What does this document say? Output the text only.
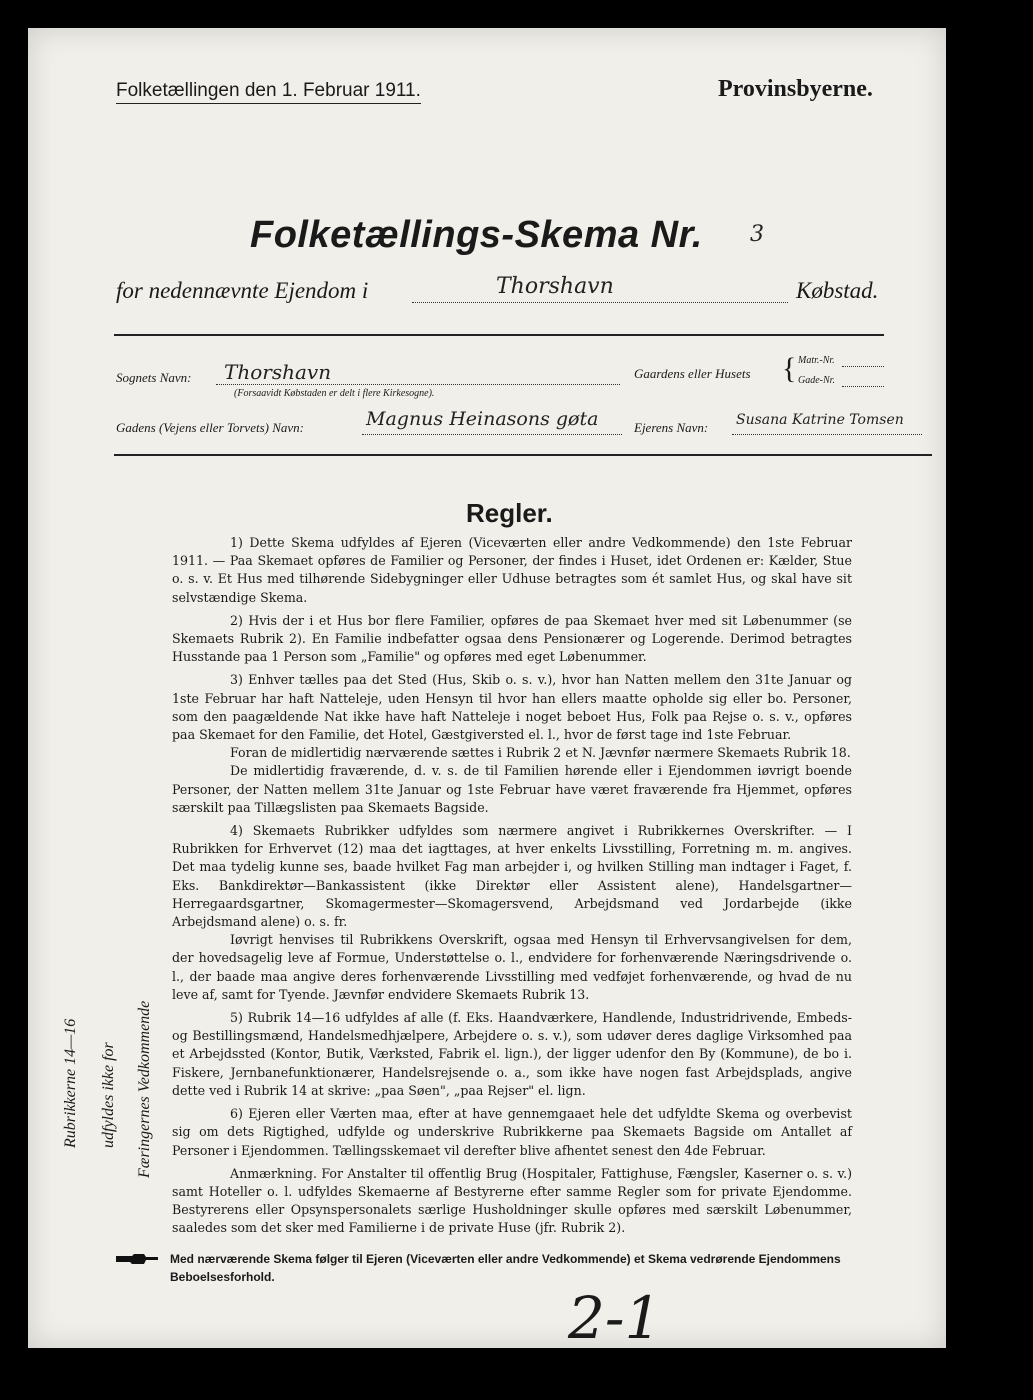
Folketællingen den 1. Februar 1911.	Provinsbyerne.
Folketællings-Skema Nr. 3
for nedennævnte Ejendom i	Thorshavn	Købstad.
Sognets Navn: Thorshavn
(Forsaavidt Købstaden er delt i flere Kirkesogne).
Gaardens eller Husets { Matr.-Nr.
Gade-Nr.
Gadens (Vejens eller Torvets) Navn:	Magnus Heinasons gøta	Ejerens Navn: Susana Katrine Tomsen
Regler.

1) Dette Skema udfyldes af Ejeren (Viceværten eller andre Vedkommende) den 1ste Februar 1911. — Paa Skemaet opføres de Familier og Personer, der findes i Huset, idet Ordenen er: Kælder, Stue o. s. v. Et Hus med tilhørende Sidebygninger eller Udhuse betragtes som ét samlet Hus, og skal have sit selvstændige Skema.

2) Hvis der i et Hus bor flere Familier, opføres de paa Skemaet hver med sit Løbenummer (se Skemaets Rubrik 2). En Familie indbefatter ogsaa dens Pensionærer og Logerende. Derimod betragtes Husstande paa 1 Person som „Familie" og opføres med eget Løbenummer.

3) Enhver tælles paa det Sted (Hus, Skib o. s. v.), hvor han Natten mellem den 31te Januar og 1ste Februar har haft Natteleje, uden Hensyn til hvor han ellers maatte opholde sig eller bo. Personer, som den paagældende Nat ikke have haft Natteleje i noget beboet Hus, Folk paa Rejse o. s. v., opføres paa Skemaet for den Familie, det Hotel, Gæstgiversted el. l., hvor de først tage ind 1ste Februar.

Foran de midlertidig nærværende sættes i Rubrik 2 et N. Jævnfør nærmere Skemaets Rubrik 18.

De midlertidig fraværende, d. v. s. de til Familien hørende eller i Ejendommen iøvrigt boende Personer, der Natten mellem 31te Januar og 1ste Februar have været fraværende fra Hjemmet, opføres særskilt paa Tillægslisten paa Skemaets Bagside.

4) Skemaets Rubrikker udfyldes som nærmere angivet i Rubrikkernes Overskrifter. — I Rubrikken for Erhvervet (12) maa det iagttages, at hver enkelts Livsstilling, Forretning m. m. angives. Det maa tydelig kunne ses, baade hvilket Fag man arbejder i, og hvilken Stilling man indtager i Faget, f. Eks. Bankdirektør—Bankassistent (ikke Direktør eller Assistent alene), Handelsgartner—Herregaardsgartner, Skomagermester—Skomagersvend, Arbejdsmand ved Jordarbejde (ikke Arbejdsmand alene) o. s. fr.

Iøvrigt henvises til Rubrikkens Overskrift, ogsaa med Hensyn til Erhvervsangivelsen for dem, der hovedsagelig leve af Formue, Understøttelse o. l., endvidere for forhenværende Næringsdrivende o. l., der baade maa angive deres forhenværende Livsstilling med vedføjet forhenværende, og hvad de nu leve af, samt for Tyende. Jævnfør endvidere Skemaets Rubrik 13.

5) Rubrik 14—16 udfyldes af alle (f. Eks. Haandværkere, Handlende, Industridrivende, Embeds- og Bestillingsmænd, Handelsmedhjælpere, Arbejdere o. s. v.), som udøver deres daglige Virksomhed paa et Arbejdssted (Kontor, Butik, Værksted, Fabrik el. lign.), der ligger udenfor den By (Kommune), de bo i. Fiskere, Jernbanefunktionærer, Handelsrejsende o. a., som ikke have nogen fast Arbejdsplads, angive dette ved i Rubrik 14 at skrive: „paa Søen", „paa Rejser" el. lign.

6) Ejeren eller Værten maa, efter at have gennemgaaet hele det udfyldte Skema og overbevist sig om dets Rigtighed, udfylde og underskrive Rubrikkerne paa Skemaets Bagside om Antallet af Personer i Ejendommen. Tællingsskemaet vil derefter blive afhentet senest den 4de Februar.

Anmærkning. For Anstalter til offentlig Brug (Hospitaler, Fattighuse, Fængsler, Kaserner o. s. v.) samt Hoteller o. l. udfyldes Skemaerne af Bestyrerne efter samme Regler som for private Ejendomme. Bestyrerens eller Opsynspersonalets særlige Husholdninger skulle opføres med særskilt Løbenummer, saaledes som det sker med Familierne i de private Huse (jfr. Rubrik 2).

Rubrikkerne 14—16 udfyldes ikke for Færingernes Vedkommende
Med nærværende Skema følger til Ejeren (Viceværten eller andre Vedkommende) et Skema vedrørende Ejendommens Beboelsesforhold.
2-1
